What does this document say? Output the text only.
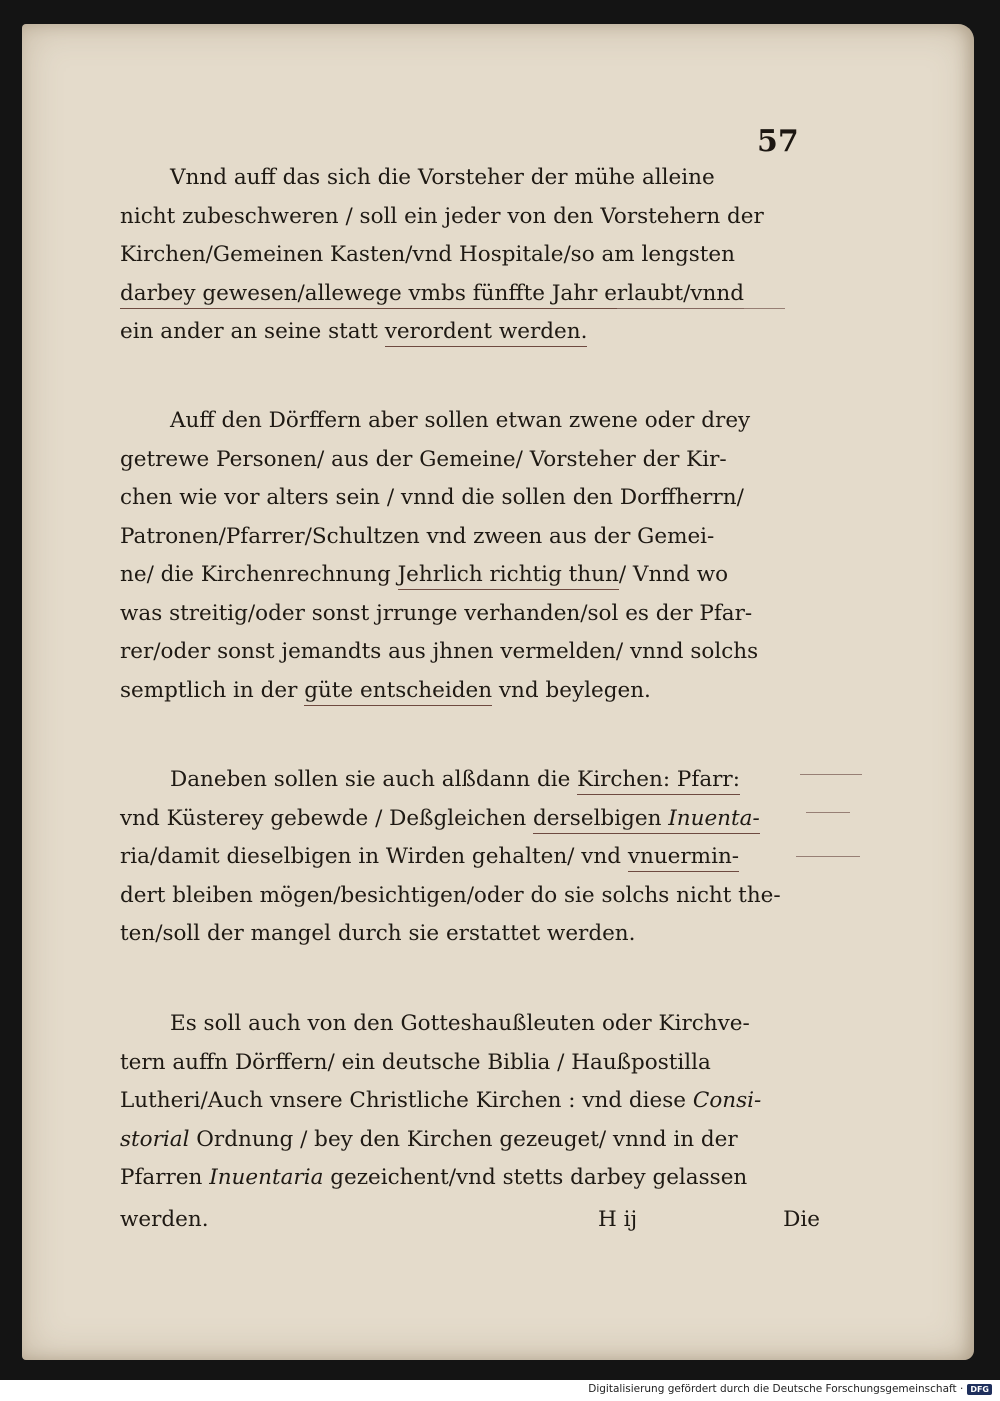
57

Vnnd auff das sich die Vorsteher der mühe alleine
nicht zubeschweren / soll ein jeder von den Vorstehern der
Kirchen/Gemeinen Kasten/vnd Hospitale/so am lengsten
darbey gewesen/allewege vmbs fünffte Jahr erlaubt/vnnd
ein ander an seine statt verordent werden.

Auff den Dörffern aber sollen etwan zwene oder drey
getrewe Personen/ aus der Gemeine/ Vorsteher der Kir-
chen wie vor alters sein / vnnd die sollen den Dorffherrn/
Patronen/Pfarrer/Schultzen vnd zween aus der Gemei-
ne/ die Kirchenrechnung Jehrlich richtig thun/ Vnnd wo
was streitig/oder sonst jrrunge verhanden/sol es der Pfar-
rer/oder sonst jemandts aus jhnen vermelden/ vnnd solchs
semptlich in der güte entscheiden vnd beylegen.

Daneben sollen sie auch alßdann die Kirchen: Pfarr:
vnd Küsterey gebewde / Deßgleichen derselbigen Inuenta-
ria/damit dieselbigen in Wirden gehalten/ vnd vnuermin-
dert bleiben mögen/besichtigen/oder do sie solchs nicht the-
ten/soll der mangel durch sie erstattet werden.

Es soll auch von den Gotteshaußleuten oder Kirchve-
tern auffn Dörffern/ ein deutsche Biblia / Haußpostilla
Lutheri/Auch vnsere Christliche Kirchen : vnd diese Consi-
storial Ordnung / bey den Kirchen gezeuget/ vnnd in der
Pfarren Inuentaria gezeichent/vnd stetts darbey gelassen

werden.	H ij	Die
Digitalisierung gefördert durch die Deutsche Forschungsgemeinschaft · DFG
